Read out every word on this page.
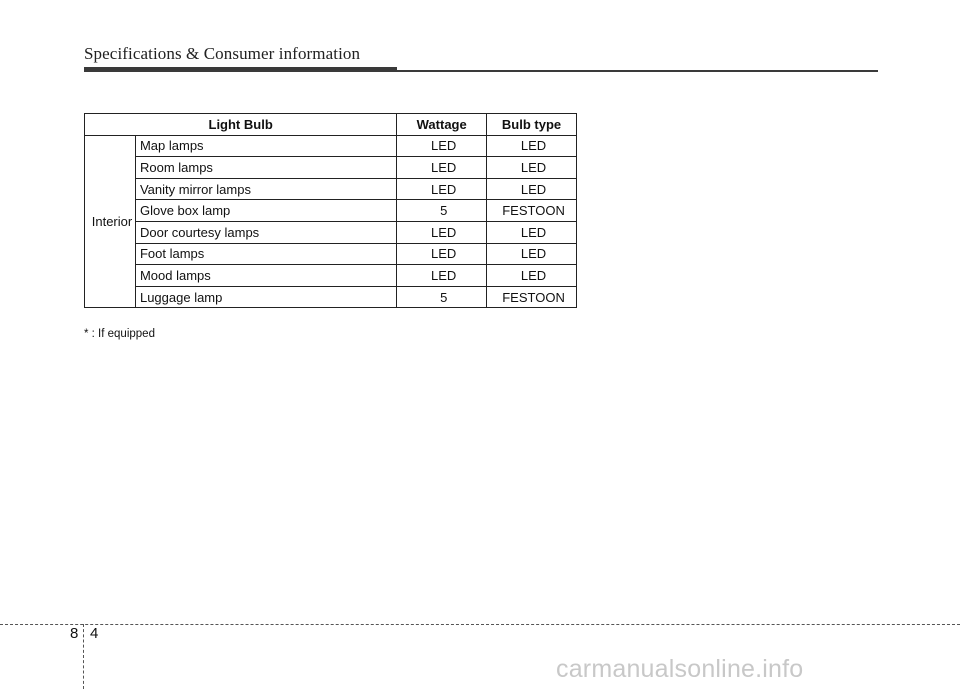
Specifications & Consumer information
Light Bulb		Wattage	Bulb type
Interior	Map lamps	LED	LED
	Room lamps	LED	LED
	Vanity mirror lamps	LED	LED
	Glove box lamp	5	FESTOON
	Door courtesy lamps	LED	LED
	Foot lamps	LED	LED
	Mood lamps	LED	LED
	Luggage lamp	5	FESTOON
* : If equipped
8 4
carmanualsonline.info
